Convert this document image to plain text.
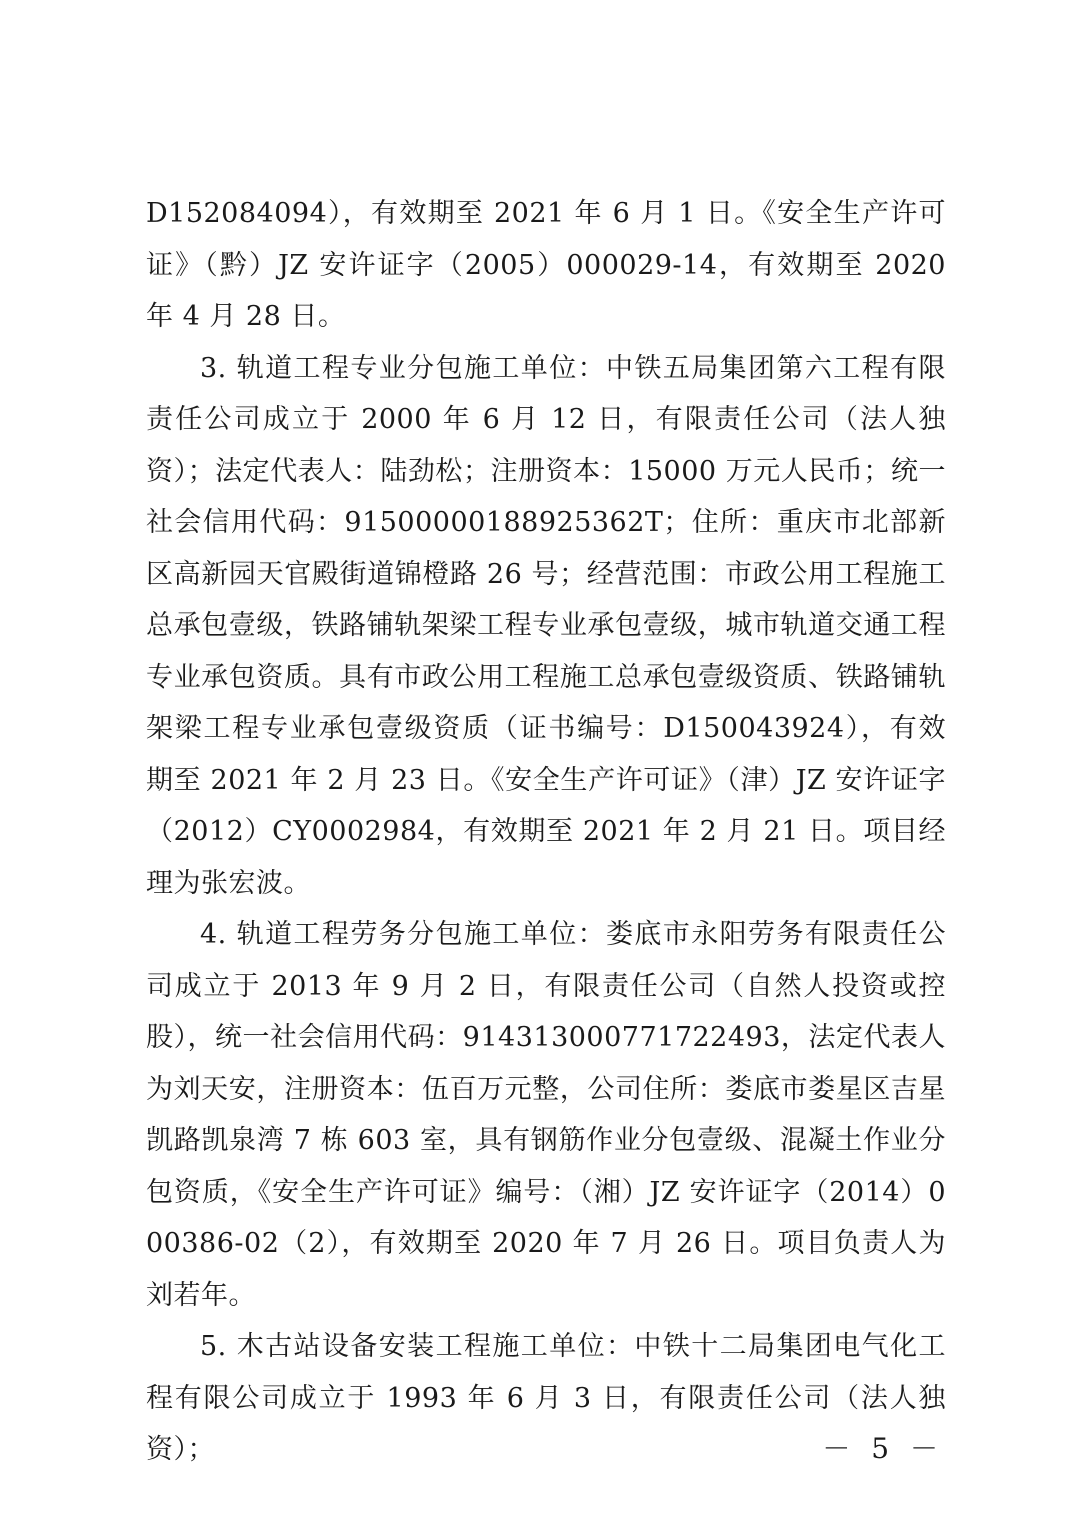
D152084094），有效期至 2021 年 6 月 1 日。《安全生产许可证》（黔）JZ 安许证字（2005）000029-14，有效期至 2020 年 4 月 28 日。

3. 轨道工程专业分包施工单位：中铁五局集团第六工程有限责任公司成立于 2000 年 6 月 12 日，有限责任公司（法人独资）；法定代表人：陆劲松；注册资本：15000 万元人民币；统一社会信用代码：91500000188925362T；住所：重庆市北部新区高新园天官殿街道锦橙路 26 号；经营范围：市政公用工程施工总承包壹级，铁路铺轨架梁工程专业承包壹级，城市轨道交通工程专业承包资质。具有市政公用工程施工总承包壹级资质、铁路铺轨架梁工程专业承包壹级资质（证书编号：D150043924），有效期至 2021 年 2 月 23 日。《安全生产许可证》（津）JZ 安许证字（2012）CY0002984，有效期至 2021 年 2 月 21 日。项目经理为张宏波。

4. 轨道工程劳务分包施工单位：娄底市永阳劳务有限责任公司成立于 2013 年 9 月 2 日，有限责任公司（自然人投资或控股），统一社会信用代码：914313000771722493，法定代表人为刘天安，注册资本：伍百万元整，公司住所：娄底市娄星区吉星凯路凯泉湾 7 栋 603 室，具有钢筋作业分包壹级、混凝土作业分包资质，《安全生产许可证》编号：（湘）JZ 安许证字（2014）000386-02（2），有效期至 2020 年 7 月 26 日。项目负责人为刘若年。

5. 木古站设备安装工程施工单位：中铁十二局集团电气化工程有限公司成立于 1993 年 6 月 3 日，有限责任公司（法人独资）；	－ 5 －
